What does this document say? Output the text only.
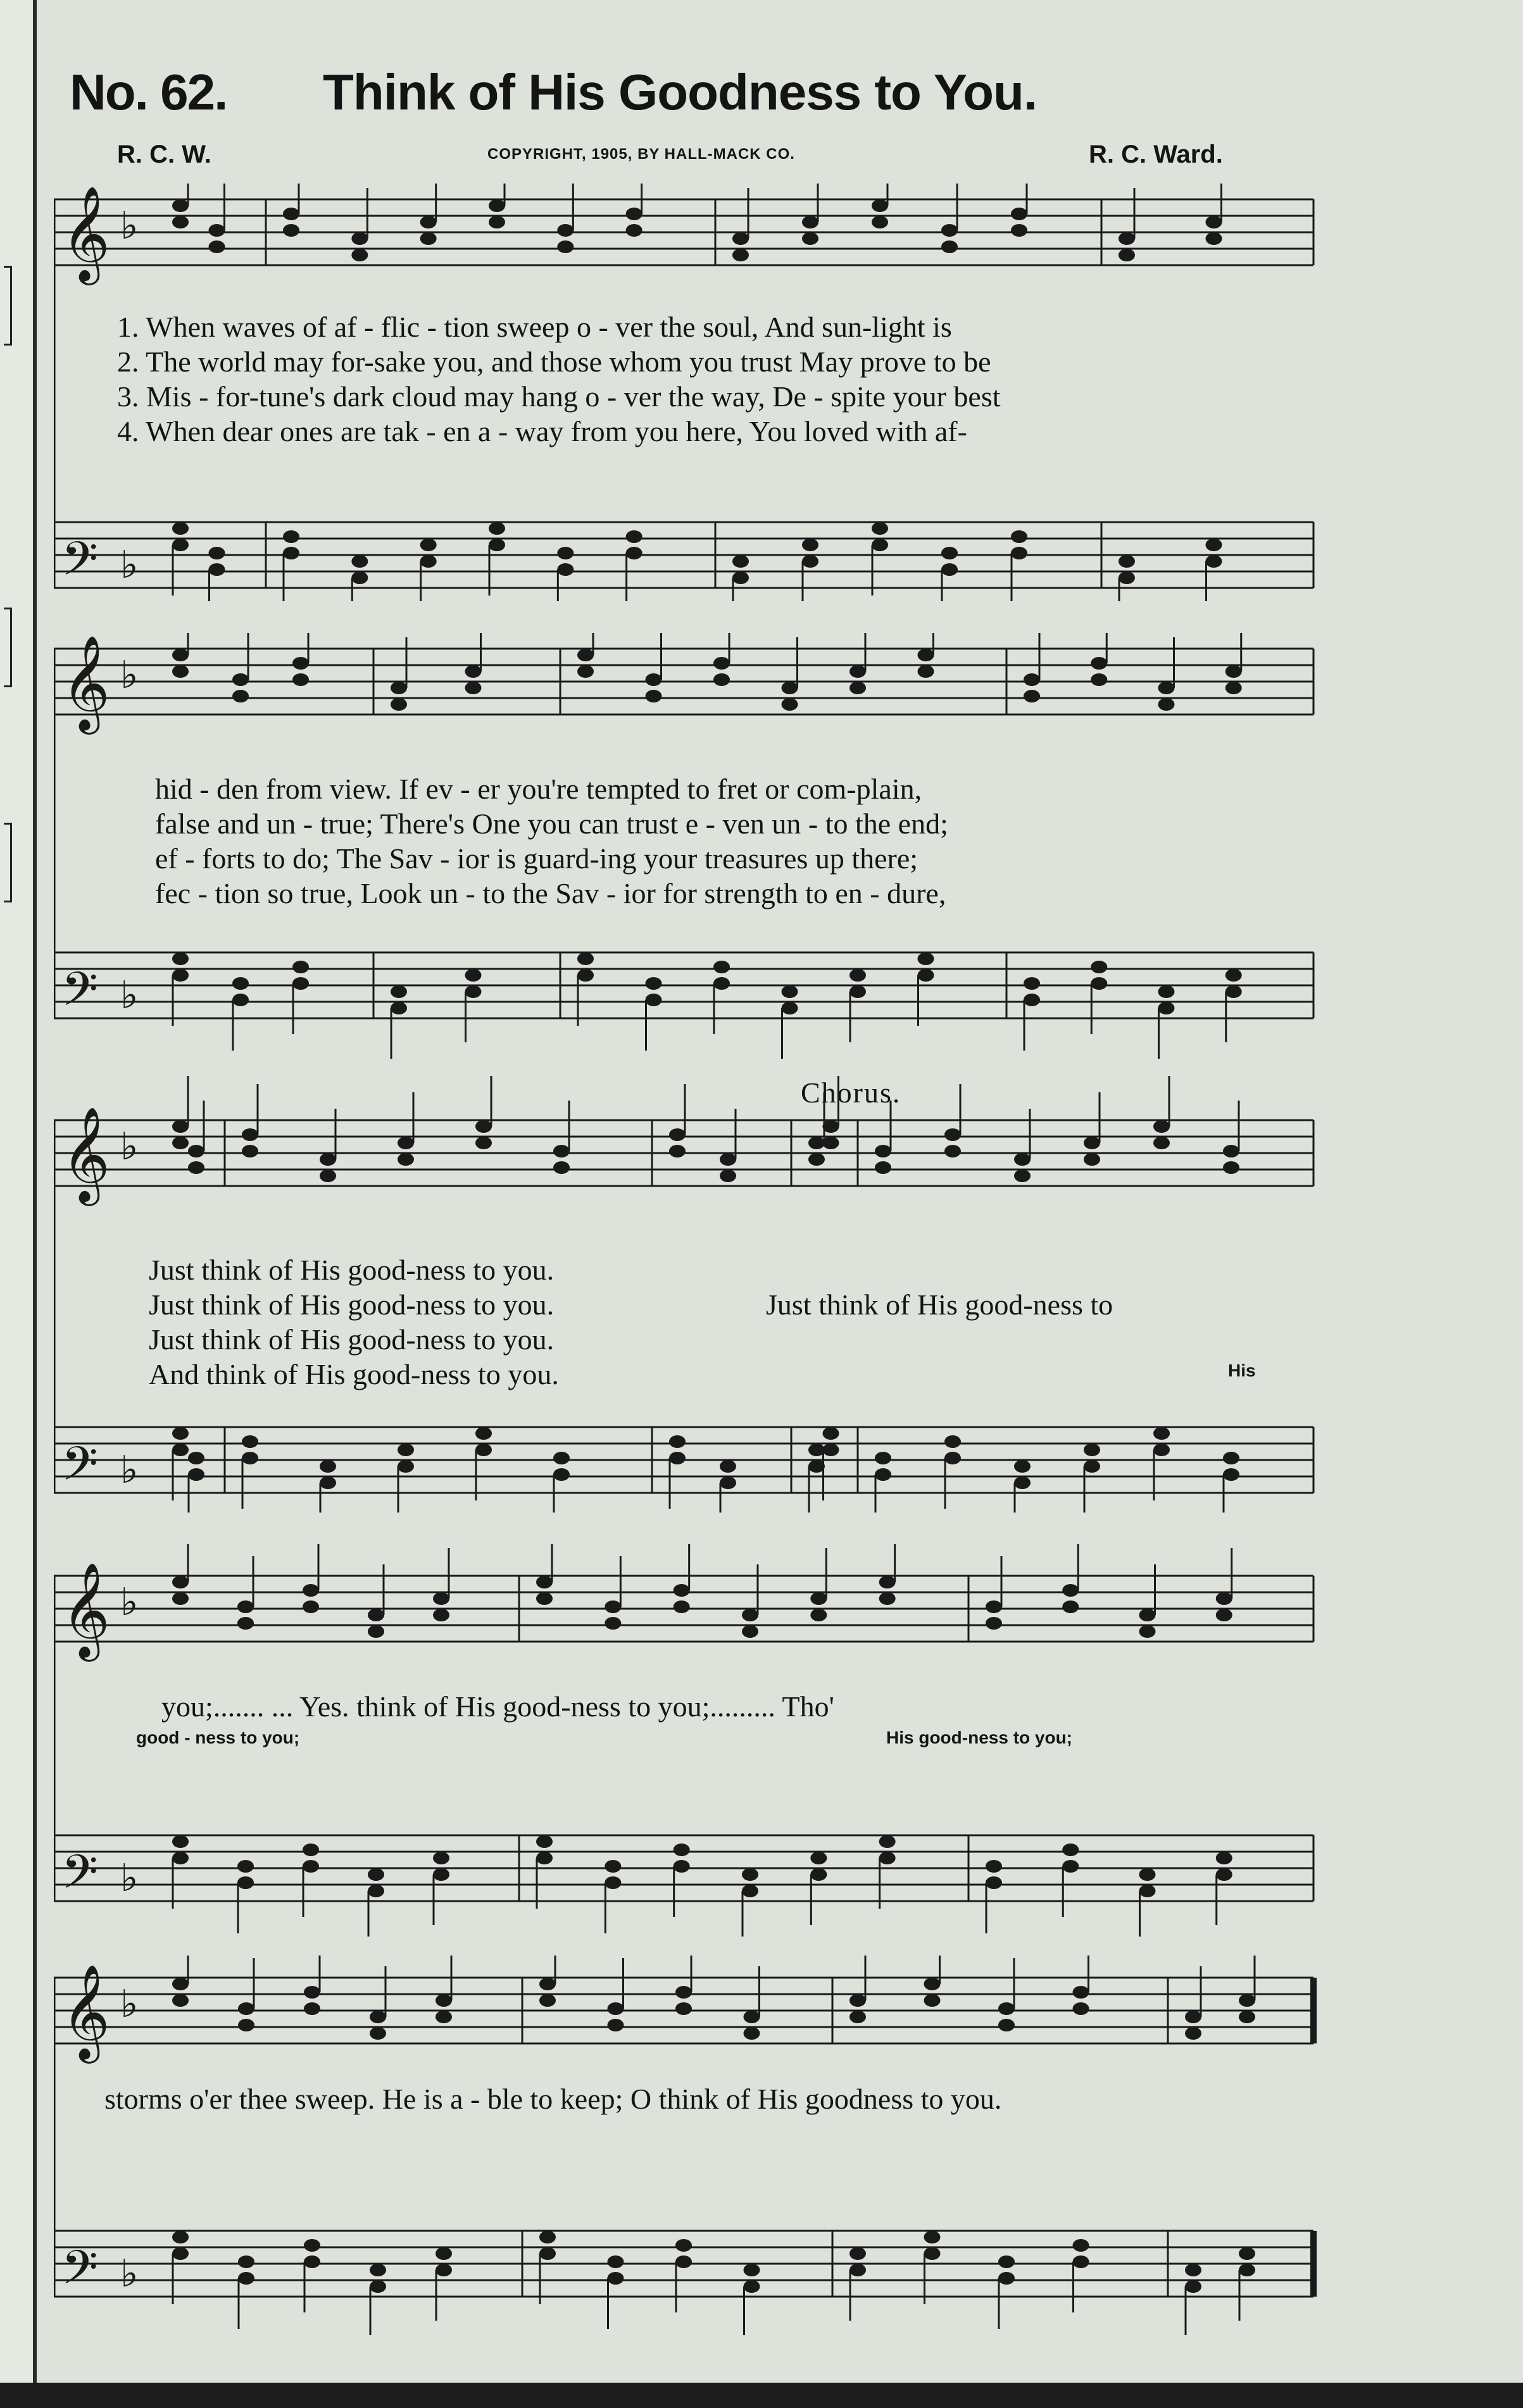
No. 62. Think of His Goodness to You.
R. C. W.	COPYRIGHT, 1905, BY HALL-MACK CO.	R. C. Ward.
𝄞 ♭
𝄢 ♭
1. When waves of af - flic - tion sweep o - ver the soul, And sun-light is
2. The world may for-sake you, and those whom you trust May prove to be
3. Mis - for-tune's dark cloud may hang o - ver the way, De - spite your best
4. When dear ones are tak - en a - way from you here, You loved with af-
𝄞 ♭
𝄢 ♭
hid - den from view. If ev - er you're tempted to fret or com-plain,
false and un - true; There's One you can trust e - ven un - to the end;
ef - forts to do; The Sav - ior is guard-ing your treasures up there;
fec - tion so true, Look un - to the Sav - ior for strength to en - dure,
𝄞 ♭
𝄢 ♭
Chorus.
Just think of His good-ness to you.
Just think of His good-ness to you.
Just think of His good-ness to you.
And think of His good-ness to you.
Just think of His good-ness to
His
𝄞 ♭
𝄢 ♭
you;....... ... Yes. think of His good-ness to you;......... Tho'
good - ness to you;	His good-ness to you;
𝄞 ♭
𝄢 ♭
storms o'er thee sweep. He is a - ble to keep; O think of His goodness to you.
